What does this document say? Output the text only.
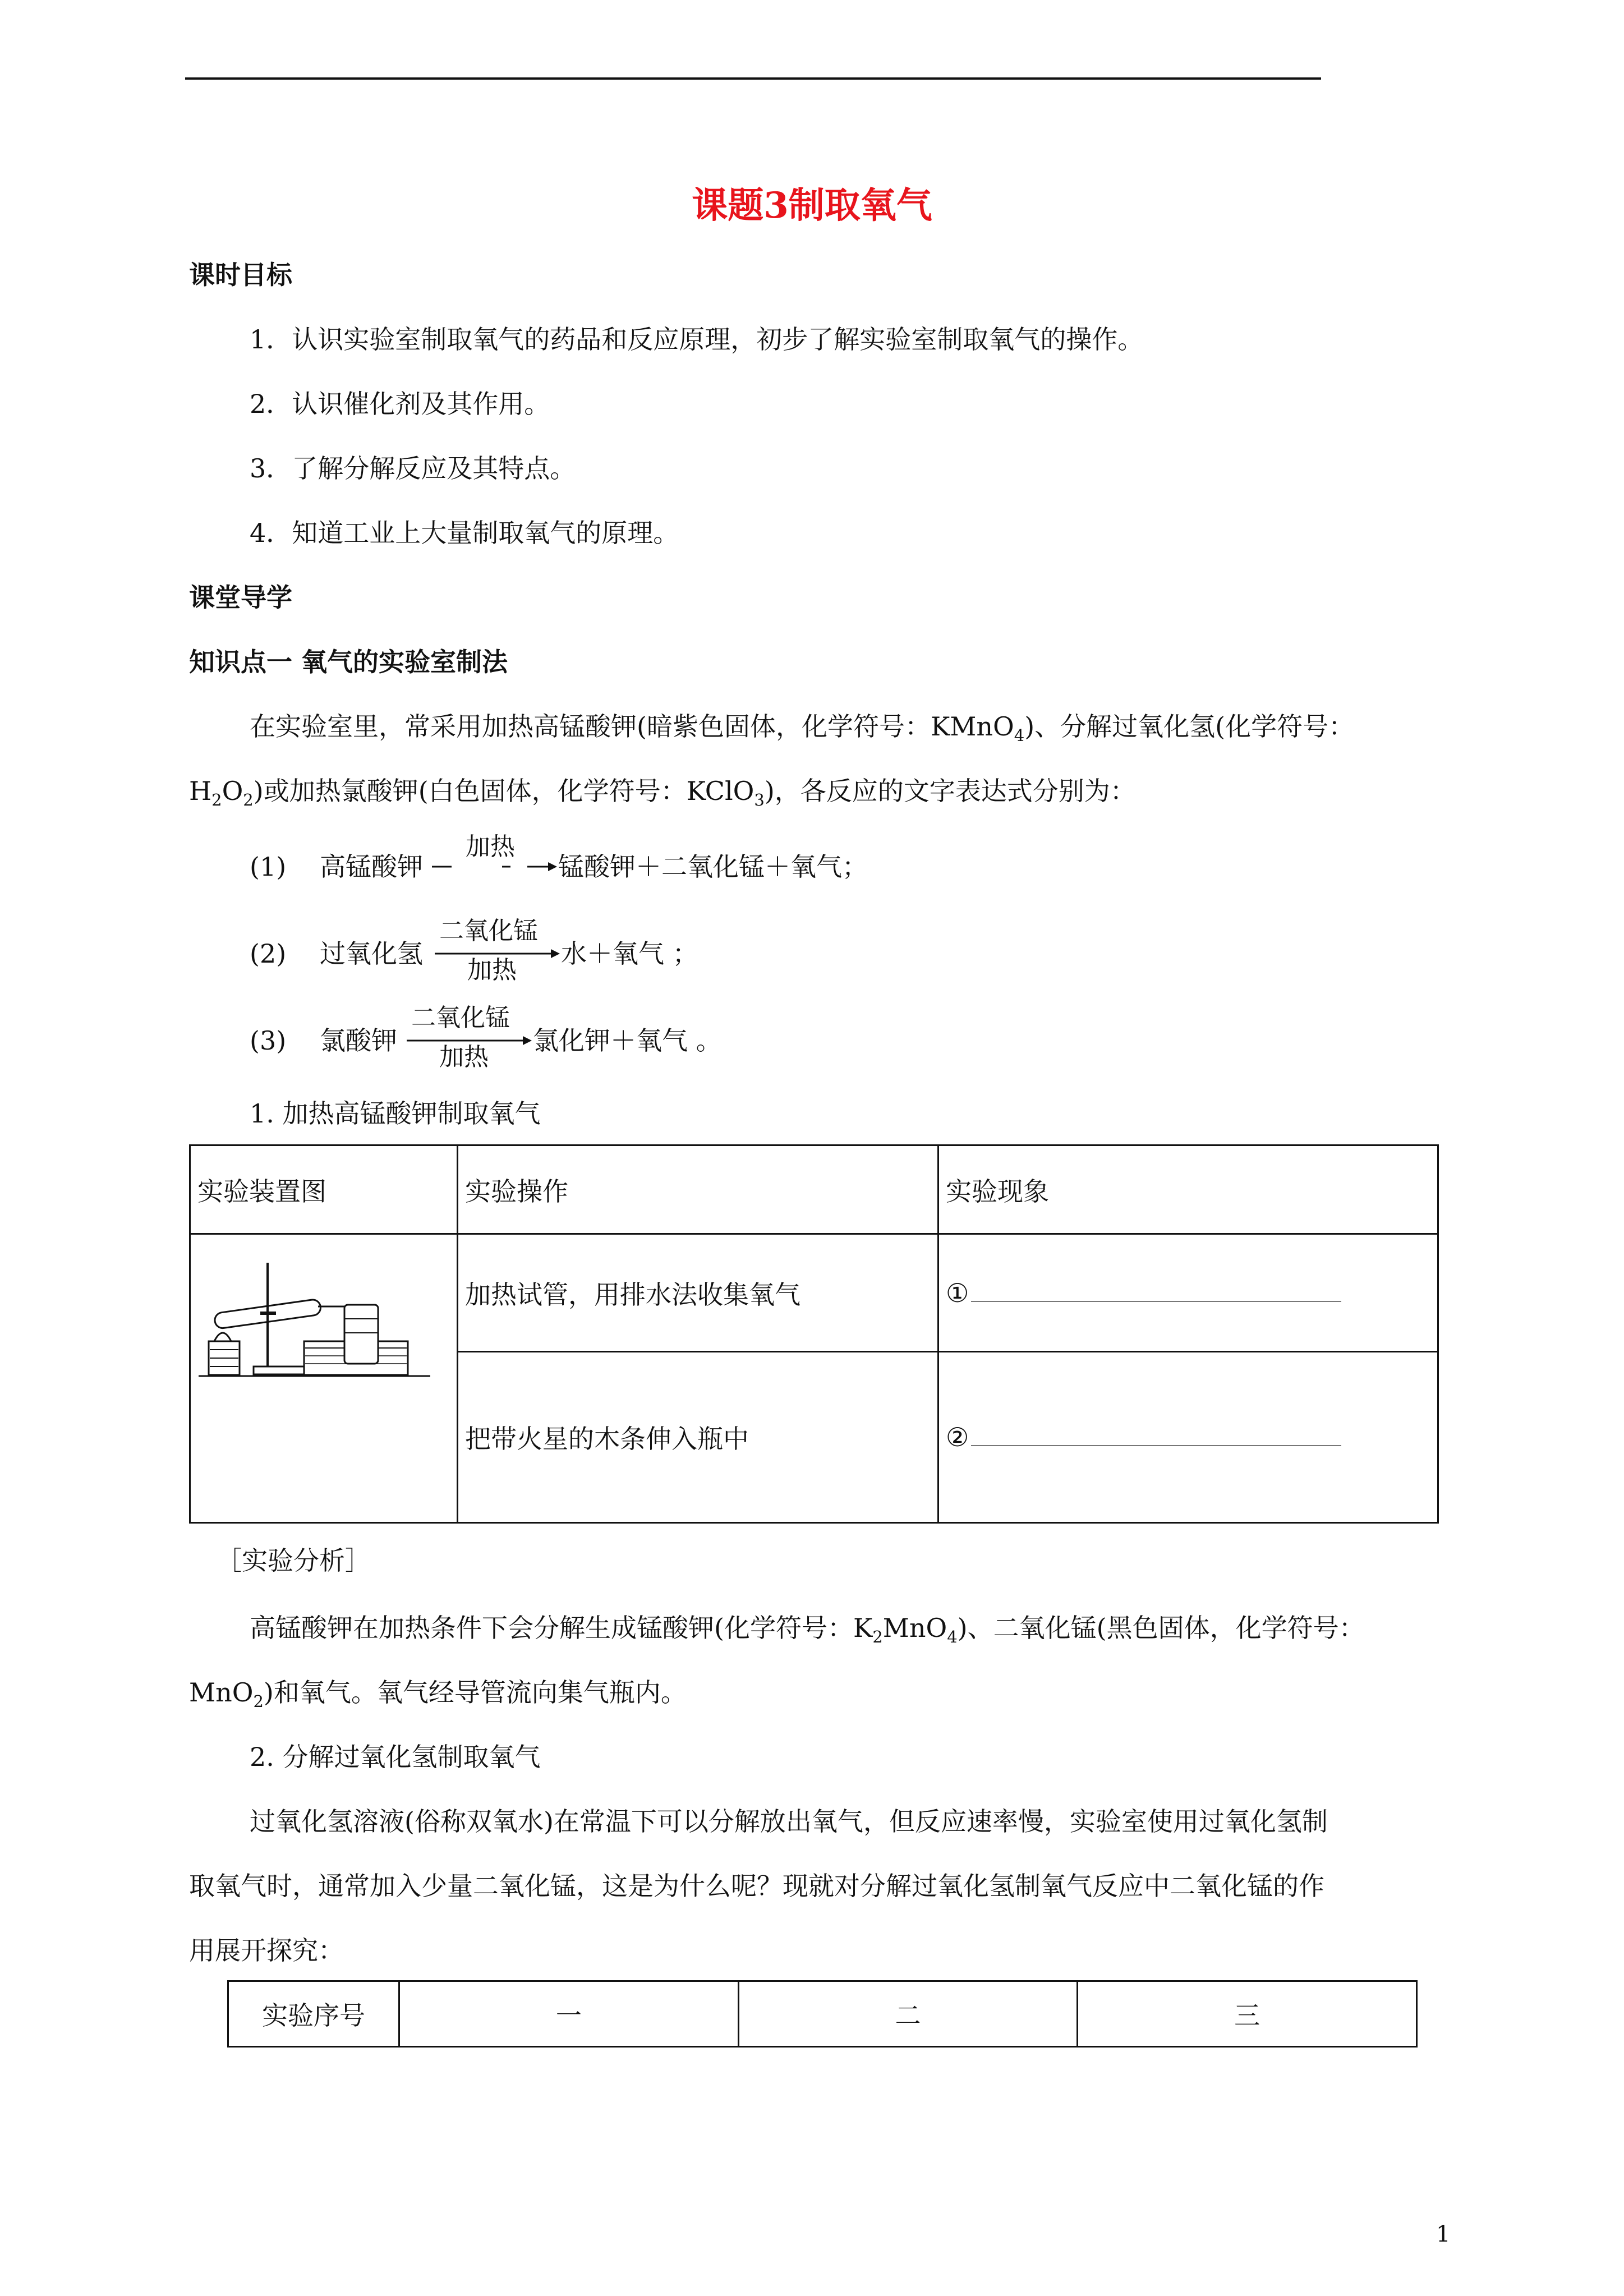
课题3制取氧气
课时目标
1．认识实验室制取氧气的药品和反应原理，初步了解实验室制取氧气的操作。
2．认识催化剂及其作用。
3．了解分解反应及其特点。
4．知道工业上大量制取氧气的原理。
课堂导学
知识点一 氧气的实验室制法
在实验室里，常采用加热高锰酸钾(暗紫色固体，化学符号：KMnO$_4$)、分解过氧化氢(化学符号：
$H_2O_2$)或加热氯酸钾(白色固体，化学符号：KClO$_3$)，各反应的文字表达式分别为：
(1) 高锰酸钾
加热
锰酸钾＋二氧化锰＋氧气；
(2) 过氧化氢
二氧化锰
加热
水＋氧气 ；
(3) 氯酸钾
二氧化锰
加热
氯化钾＋氧气 。
1. 加热高锰酸钾制取氧气
实验装置图	实验操作	实验现象
	加热试管，用排水法收集氧气	①
	把带火星的木条伸入瓶中	②
［实验分析］
高锰酸钾在加热条件下会分解生成锰酸钾(化学符号：$K_2MnO_4$)、二氧化锰(黑色固体，化学符号：
MnO$_2$)和氧气。氧气经导管流向集气瓶内。
2. 分解过氧化氢制取氧气
过氧化氢溶液(俗称双氧水)在常温下可以分解放出氧气，但反应速率慢，实验室使用过氧化氢制
取氧气时，通常加入少量二氧化锰，这是为什么呢？现就对分解过氧化氢制氧气反应中二氧化锰的作
用展开探究：
实验序号	一	二	三
1
